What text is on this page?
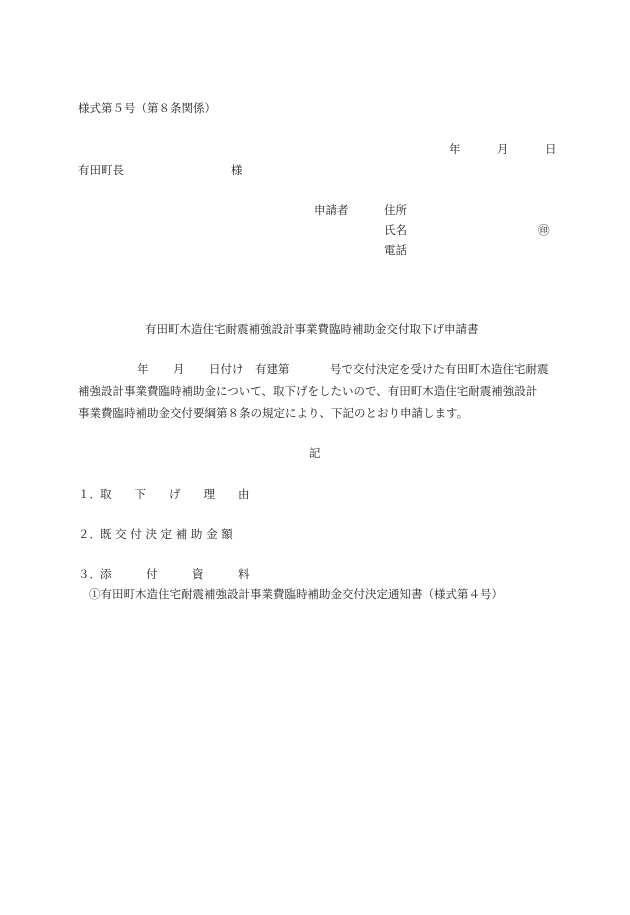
様式第５号（第８条関係）
年	月	日
有田町長	様
申請者	住所
氏名	㊞
電話
有田町木造住宅耐震補強設計事業費臨時補助金交付取下げ申請書
年 月 日付け 有建第	号で交付決定を受けた有田町木造住宅耐震
補強設計事業費臨時補助金について、取下げをしたいので、有田町木造住宅耐震補強設計
事業費臨時補助金交付要綱第８条の規定により、下記のとおり申請します。
記
１． 取　　下　　げ　　理　　由
２． 既 交 付 決 定 補 助 金 額
３． 添　　　付　　　資　　　料
①有田町木造住宅耐震補強設計事業費臨時補助金交付決定通知書（様式第４号）
